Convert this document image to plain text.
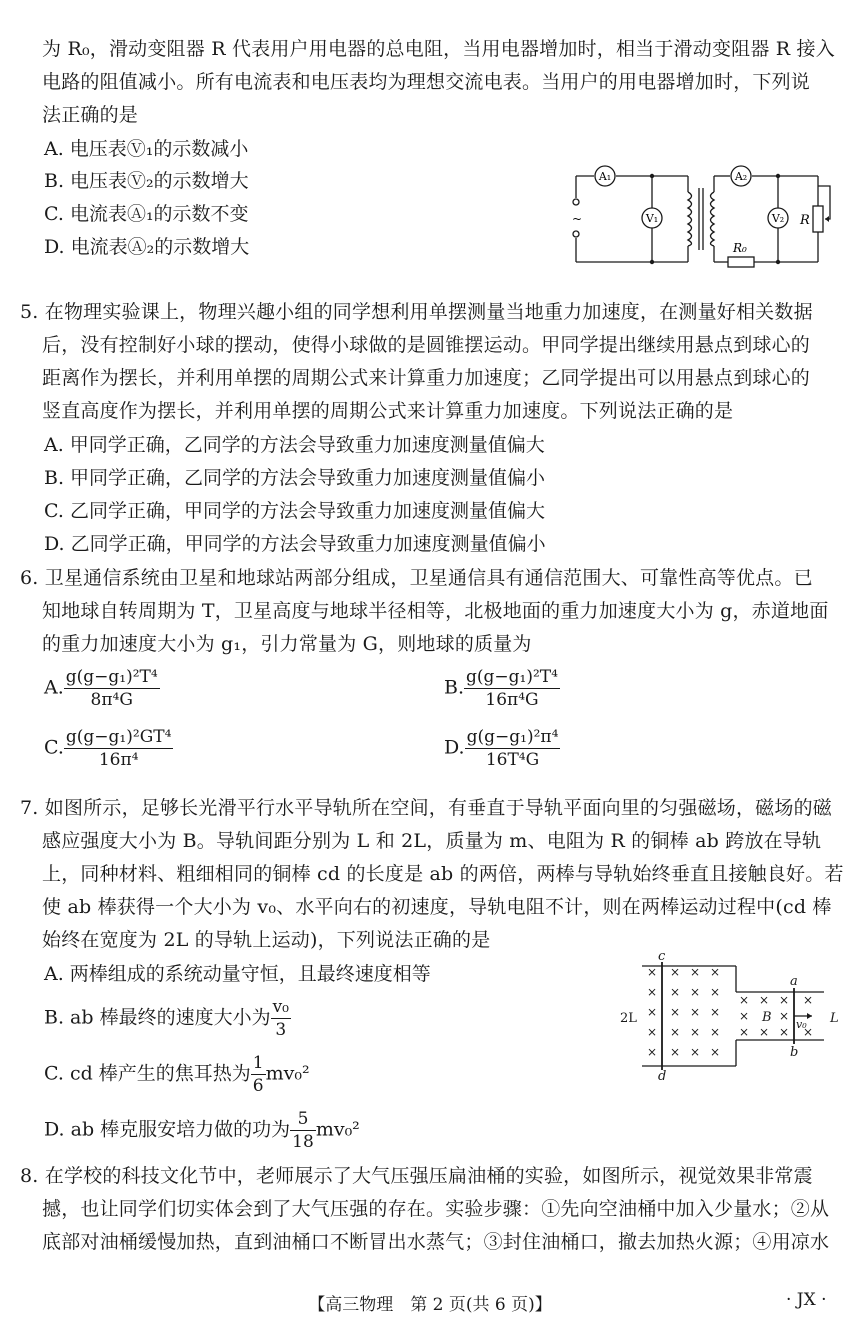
为 R₀，滑动变阻器 R 代表用户用电器的总电阻，当用电器增加时，相当于滑动变阻器 R 接入
电路的阻值减小。所有电流表和电压表均为理想交流电表。当用户的用电器增加时，下列说
法正确的是
A. 电压表Ⓥ₁的示数减小
B. 电压表Ⓥ₂的示数增大
C. 电流表Ⓐ₁的示数不变
D. 电流表Ⓐ₂的示数增大
A₁	A₂
V₁	V₂ R
R₀
~
5. 在物理实验课上，物理兴趣小组的同学想利用单摆测量当地重力加速度，在测量好相关数据
后，没有控制好小球的摆动，使得小球做的是圆锥摆运动。甲同学提出继续用悬点到球心的
距离作为摆长，并利用单摆的周期公式来计算重力加速度；乙同学提出可以用悬点到球心的
竖直高度作为摆长，并利用单摆的周期公式来计算重力加速度。下列说法正确的是
A. 甲同学正确，乙同学的方法会导致重力加速度测量值偏大
B. 甲同学正确，乙同学的方法会导致重力加速度测量值偏小
C. 乙同学正确，甲同学的方法会导致重力加速度测量值偏大
D. 乙同学正确，甲同学的方法会导致重力加速度测量值偏小
6. 卫星通信系统由卫星和地球站两部分组成，卫星通信具有通信范围大、可靠性高等优点。已
知地球自转周期为 T，卫星高度与地球半径相等，北极地面的重力加速度大小为 g，赤道地面
的重力加速度大小为 g₁，引力常量为 G，则地球的质量为
A. $\frac{\text{g(g−g₁)²T⁴}}{\text{8π⁴G}}$	B. $\frac{\text{g(g−g₁)²T⁴}}{\text{16π⁴G}}$
C. $\frac{\text{g(g−g₁)²GT⁴}}{\text{16π⁴}}$	D. $\frac{\text{g(g−g₁)²π⁴}}{\text{16T⁴G}}$
7. 如图所示，足够长光滑平行水平导轨所在空间，有垂直于导轨平面向里的匀强磁场，磁场的磁
感应强度大小为 B。导轨间距分别为 L 和 2L，质量为 m、电阻为 R 的铜棒 ab 跨放在导轨
上，同种材料、粗细相同的铜棒 cd 的长度是 ab 的两倍，两棒与导轨始终垂直且接触良好。若
使 ab 棒获得一个大小为 v₀、水平向右的初速度，导轨电阻不计，则在两棒运动过程中(cd 棒
始终在宽度为 2L 的导轨上运动)，下列说法正确的是
A. 两棒组成的系统动量守恒，且最终速度相等
B. ab 棒最终的速度大小为 $\frac{\text{v₀}}{3}$
C. cd 棒产生的焦耳热为 $\frac{1}{6} mv_0^2$
D. ab 棒克服安培力做的功为 $\frac{5}{18} mv_0^2$
×
×
×
×
×
×
×
×
×
×
×
×
×
×
×
×
×
×
×
×
× × × ×
× ×
× × × ×
c
d
a
b
2L	L
B v₀
8. 在学校的科技文化节中，老师展示了大气压强压扁油桶的实验，如图所示，视觉效果非常震
撼，也让同学们切实体会到了大气压强的存在。实验步骤：①先向空油桶中加入少量水；②从
底部对油桶缓慢加热，直到油桶口不断冒出水蒸气；③封住油桶口，撤去加热火源；④用凉水
【高三物理　第 2 页(共 6 页)】	· JX ·
